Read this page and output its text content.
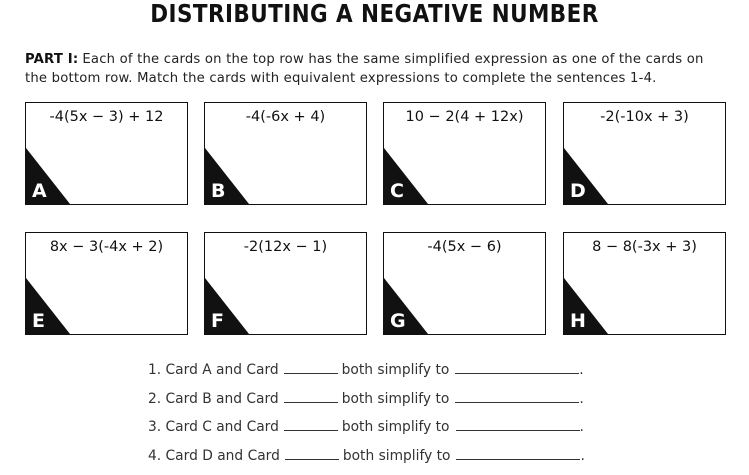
DISTRIBUTING A NEGATIVE NUMBER
PART I: Each of the cards on the top row has the same simplified expression as one of the cards on the bottom row. Match the cards with equivalent expressions to complete the sentences 1-4.
-4(5x − 3) + 12
A
-4(-6x + 4)
B
10 − 2(4 + 12x)
C
-2(-10x + 3)
D
8x − 3(-4x + 2)
E
-2(12x − 1)
F
-4(5x − 6)
G
8 − 8(-3x + 3)
H
1. Card A and Card	both simplify to	.
2. Card B and Card	both simplify to	.
3. Card C and Card	both simplify to	.
4. Card D and Card	both simplify to	.
